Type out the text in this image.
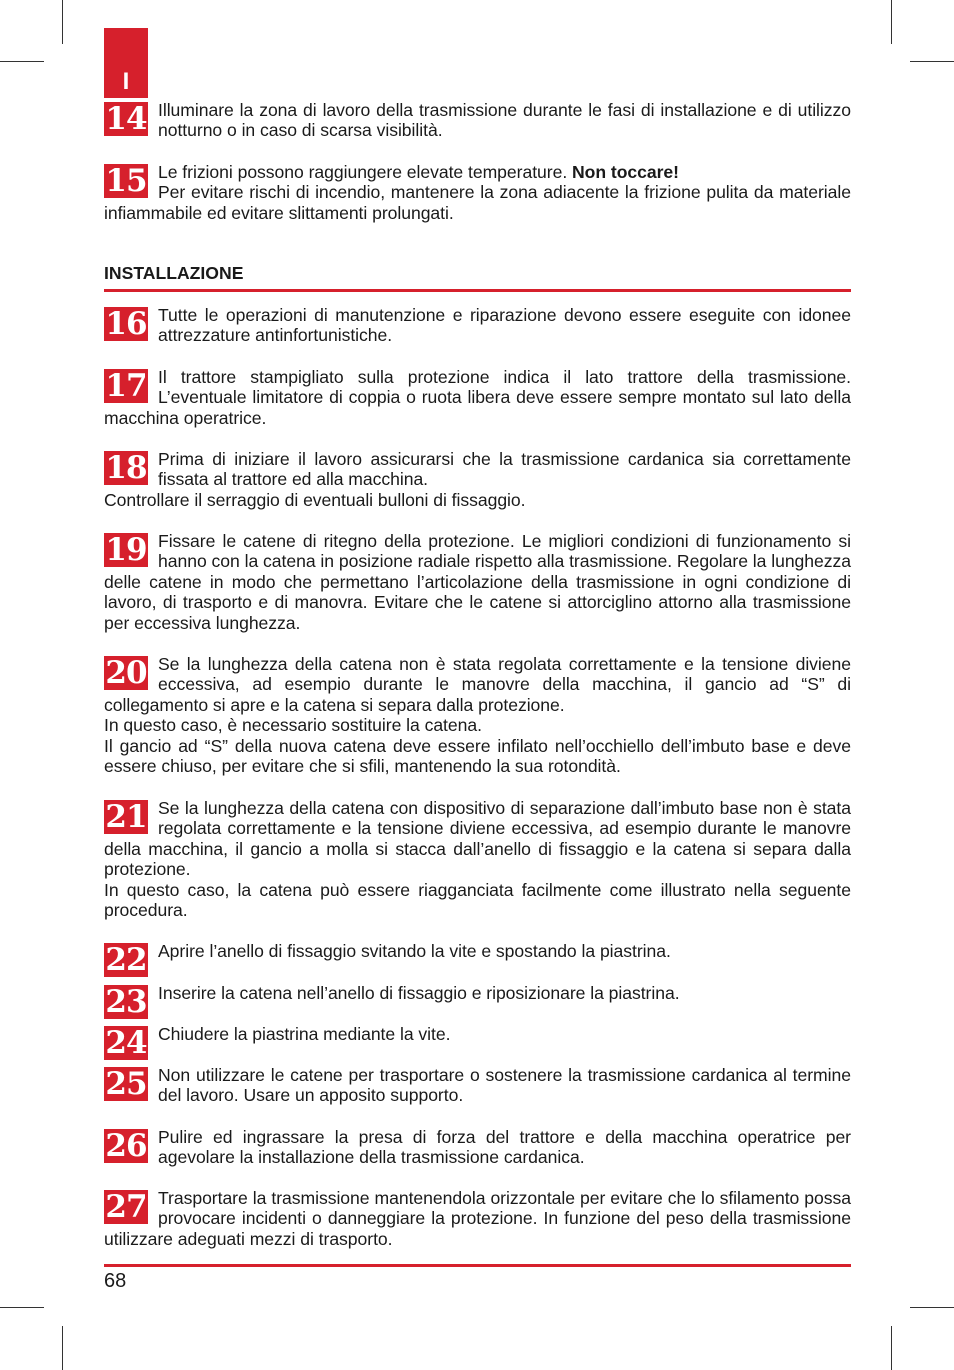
I
14 Illuminare la zona di lavoro della trasmissione durante le fasi di installazione e di utilizzo notturno o in caso di scarsa visibilità.
15 Le frizioni possono raggiungere elevate temperature. Non toccare!
Per evitare rischi di incendio, mantenere la zona adiacente la frizione pulita da materiale infiammabile ed evitare slittamenti prolungati.
INSTALLAZIONE
16 Tutte le operazioni di manutenzione e riparazione devono essere eseguite con idonee attrezzature antinfortunistiche.
17 Il trattore stampigliato sulla protezione indica il lato trattore della trasmissione. L’eventuale limitatore di coppia o ruota libera deve essere sempre montato sul lato della macchina operatrice.
18 Prima di iniziare il lavoro assicurarsi che la trasmissione cardanica sia correttamente fissata al trattore ed alla macchina.
Controllare il serraggio di eventuali bulloni di fissaggio.
19 Fissare le catene di ritegno della protezione. Le migliori condizioni di funzionamento si hanno con la catena in posizione radiale rispetto alla trasmissione. Regolare la lunghezza delle catene in modo che permettano l’articolazione della trasmissione in ogni condizione di lavoro, di trasporto e di manovra. Evitare che le catene si attorciglino attorno alla trasmissione per eccessiva lunghezza.
20 Se la lunghezza della catena non è stata regolata correttamente e la tensione diviene eccessiva, ad esempio durante le manovre della macchina, il gancio ad “S” di collegamento si apre e la catena si separa dalla protezione.
In questo caso, è necessario sostituire la catena.
Il gancio ad “S” della nuova catena deve essere infilato nell’occhiello dell’imbuto base e deve essere chiuso, per evitare che si sfili, mantenendo la sua rotondità.
21 Se la lunghezza della catena con dispositivo di separazione dall’imbuto base non è stata regolata correttamente e la tensione diviene eccessiva, ad esempio durante le manovre della macchina, il gancio a molla si stacca dall’anello di fissaggio e la catena si separa dalla protezione.
In questo caso, la catena può essere riagganciata facilmente come illustrato nella seguente procedura.
22 Aprire l’anello di fissaggio svitando la vite e spostando la piastrina.
23 Inserire la catena nell’anello di fissaggio e riposizionare la piastrina.
24 Chiudere la piastrina mediante la vite.
25 Non utilizzare le catene per trasportare o sostenere la trasmissione cardanica al termine del lavoro. Usare un apposito supporto.
26 Pulire ed ingrassare la presa di forza del trattore e della macchina operatrice per agevolare la installazione della trasmissione cardanica.
27 Trasportare la trasmissione mantenendola orizzontale per evitare che lo sfilamento possa provocare incidenti o danneggiare la protezione. In funzione del peso della trasmissione utilizzare adeguati mezzi di trasporto.
68
